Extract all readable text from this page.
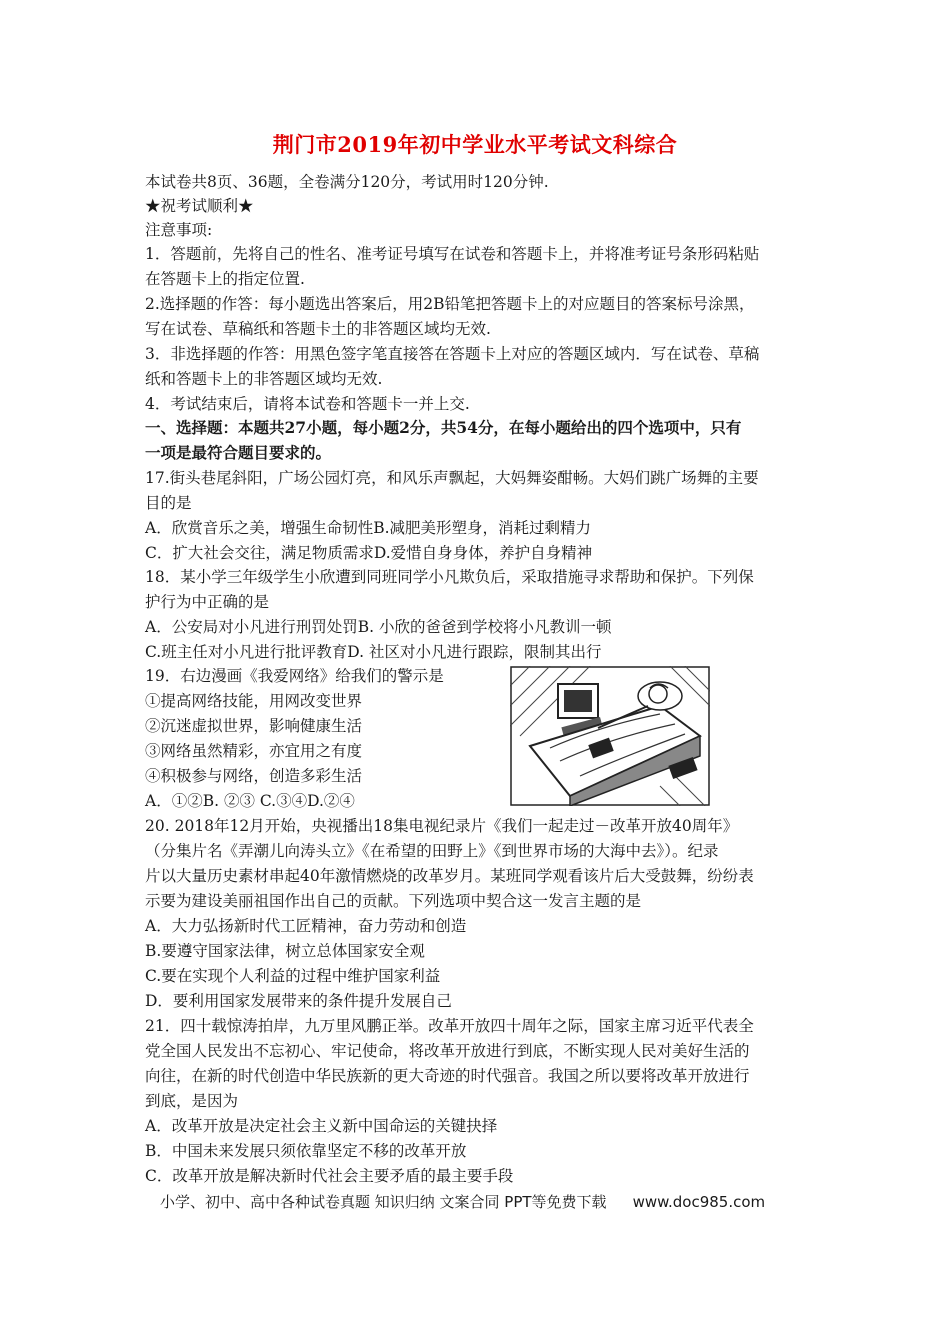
荆门市2019年初中学业水平考试文科综合
本试卷共8页、36题，全卷满分120分，考试用时120分钟.
★祝考试顺利★
注意事项:
1．答题前，先将自己的性名、准考证号填写在试卷和答题卡上，并将准考证号条形码粘贴
在答题卡上的指定位置.
2.选择题的作答：每小题选出答案后，用2B铅笔把答题卡上的对应题目的答案标号涂黑，
写在试卷、草稿纸和答题卡土的非答题区域均无效.
3．非选择题的作答：用黑色签字笔直接答在答题卡上对应的答题区域内．写在试卷、草稿
纸和答题卡上的非答题区域均无效.
4．考试结束后，请将本试卷和答题卡一并上交.
一、选择题：本题共27小题，每小题2分，共54分，在每小题给出的四个选项中，只有
一项是最符合题目要求的。
17.街头巷尾斜阳，广场公园灯亮，和风乐声飘起，大妈舞姿酣畅。大妈们跳广场舞的主要
目的是
A．欣赏音乐之美，增强生命韧性B.减肥美形塑身，消耗过剩精力
C．扩大社会交往，满足物质需求D.爱惜自身身体，养护自身精神
18．某小学三年级学生小欣遭到同班同学小凡欺负后，采取措施寻求帮助和保护。下列保
护行为中正确的是
A．公安局对小凡进行刑罚处罚B. 小欣的爸爸到学校将小凡教训一顿
C.班主任对小凡进行批评教育D. 社区对小凡进行跟踪，限制其出行
19．右边漫画《我爱网络》给我们的警示是
①提高网络技能，用网改变世界
②沉迷虚拟世界，影响健康生活
③网络虽然精彩，亦宜用之有度
④积极参与网络，创造多彩生活
A．①②B. ②③ C.③④D.②④
20. 2018年12月开始，央视播出18集电视纪录片《我们一起走过－改革开放40周年》
（分集片名《弄潮儿向涛头立》《在希望的田野上》《到世界市场的大海中去》）。纪录
片以大量历史素材串起40年激情燃烧的改革岁月。某班同学观看该片后大受鼓舞，纷纷表
示要为建设美丽祖国作出自己的贡献。下列选项中契合这一发言主题的是
A．大力弘扬新时代工匠精神，奋力劳动和创造
B.要遵守国家法律，树立总体国家安全观
C.要在实现个人利益的过程中维护国家利益
D．要利用国家发展带来的条件提升发展自己
21．四十载惊涛拍岸，九万里风鹏正举。改革开放四十周年之际，国家主席习近平代表全
党全国人民发出不忘初心、牢记使命，将改革开放进行到底，不断实现人民对美好生活的
向往，在新的时代创造中华民族新的更大奇迹的时代强音。我国之所以要将改革开放进行
到底，是因为
A．改革开放是决定社会主义新中国命运的关键抉择
B．中国未来发展只须依靠坚定不移的改革开放
C．改革开放是解决新时代社会主要矛盾的最主要手段
小学、初中、高中各种试卷真题 知识归纳 文案合同 PPT等免费下载 www.doc985.com
